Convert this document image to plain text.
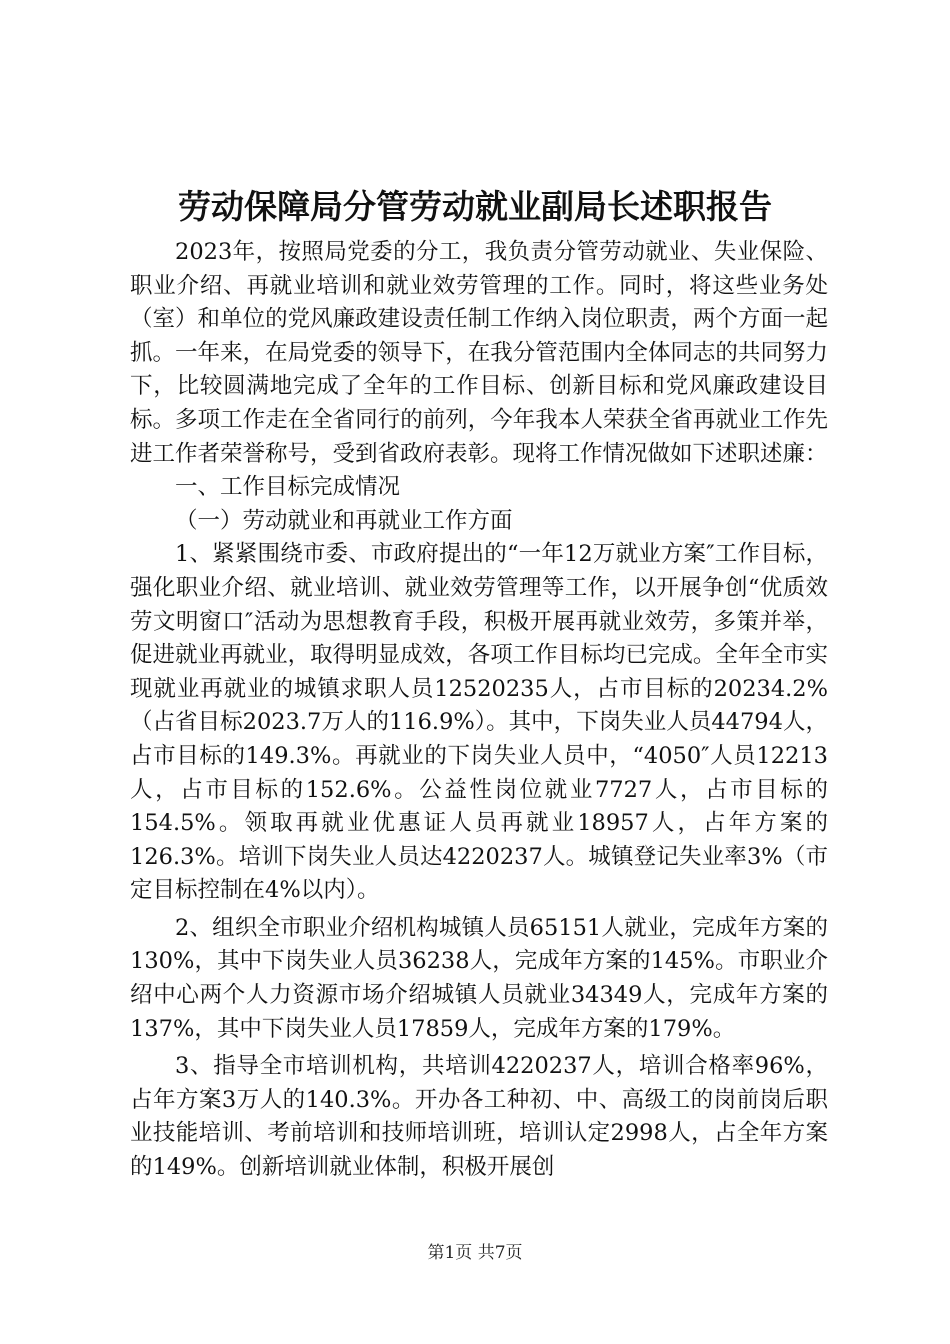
劳动保障局分管劳动就业副局长述职报告

2023年，按照局党委的分工，我负责分管劳动就业、失业保险、职业介绍、再就业培训和就业效劳管理的工作。同时，将这些业务处（室）和单位的党风廉政建设责任制工作纳入岗位职责，两个方面一起抓。一年来，在局党委的领导下，在我分管范围内全体同志的共同努力下，比较圆满地完成了全年的工作目标、创新目标和党风廉政建设目标。多项工作走在全省同行的前列，今年我本人荣获全省再就业工作先进工作者荣誉称号，受到省政府表彰。现将工作情况做如下述职述廉：

一、工作目标完成情况

（一）劳动就业和再就业工作方面

1、紧紧围绕市委、市政府提出的“一年12万就业方案″工作目标，强化职业介绍、就业培训、就业效劳管理等工作，以开展争创“优质效劳文明窗口″活动为思想教育手段，积极开展再就业效劳，多策并举，促进就业再就业，取得明显成效，各项工作目标均已完成。全年全市实现就业再就业的城镇求职人员12520235人，占市目标的20234.2%（占省目标2023.7万人的116.9%）。其中，下岗失业人员44794人，占市目标的149.3%。再就业的下岗失业人员中，“4050″人员12213人，占市目标的152.6%。公益性岗位就业7727人，占市目标的154.5%。领取再就业优惠证人员再就业18957人，占年方案的126.3%。培训下岗失业人员达4220237人。城镇登记失业率3%（市定目标控制在4%以内）。

2、组织全市职业介绍机构城镇人员65151人就业，完成年方案的130%，其中下岗失业人员36238人，完成年方案的145%。市职业介绍中心两个人力资源市场介绍城镇人员就业34349人，完成年方案的137%，其中下岗失业人员17859人，完成年方案的179%。

3、指导全市培训机构，共培训4220237人，培训合格率96%，占年方案3万人的140.3%。开办各工种初、中、高级工的岗前岗后职业技能培训、考前培训和技师培训班，培训认定2998人，占全年方案的149%。创新培训就业体制，积极开展创

第1页 共7页
